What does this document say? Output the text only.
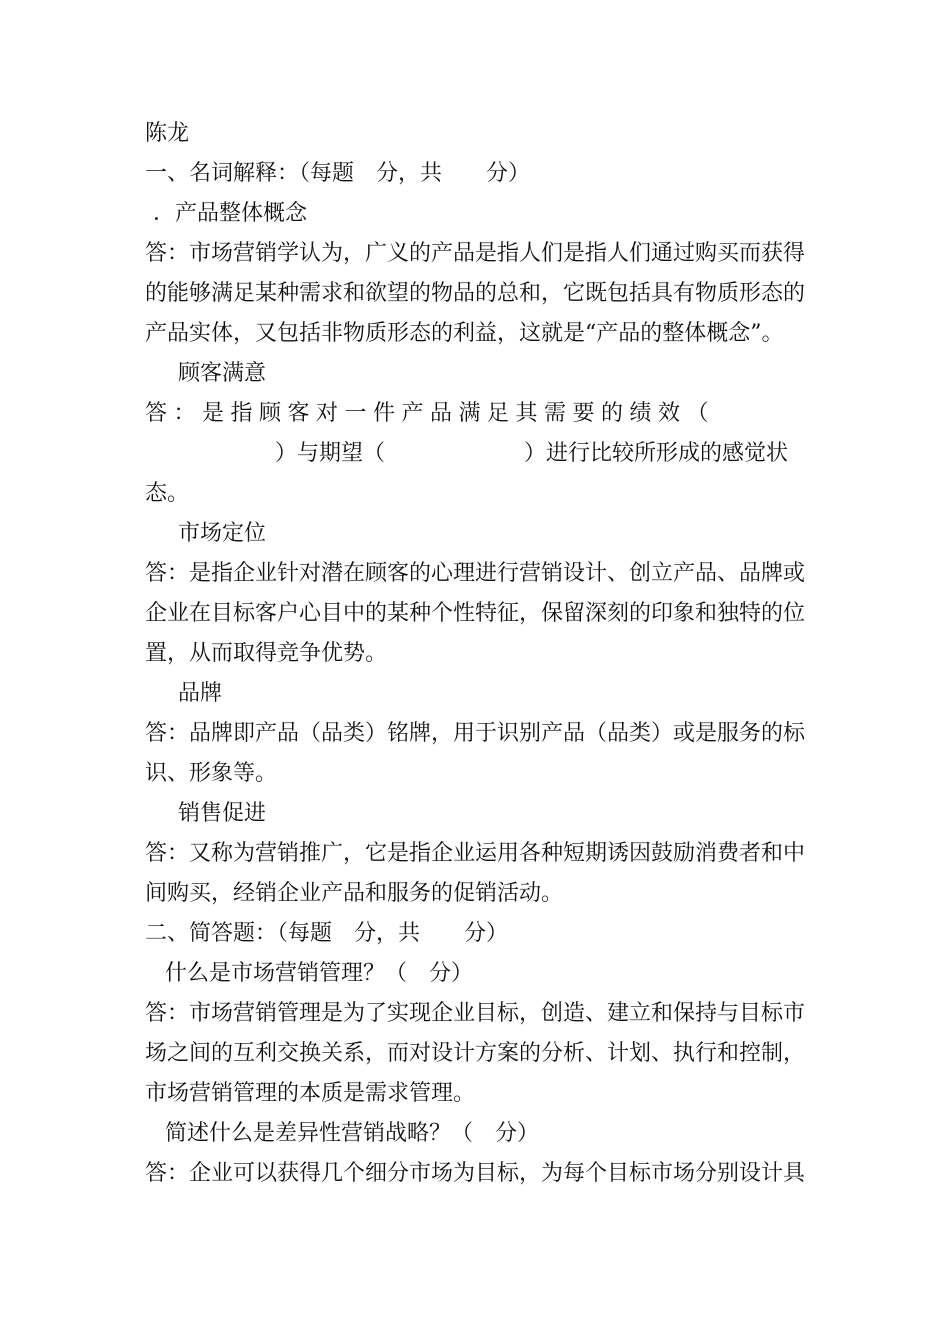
陈龙
一、名词解释：（每题　分，共　　分）
．产品整体概念
答：市场营销学认为，广义的产品是指人们是指人们通过购买而获得
的能够满足某种需求和欲望的物品的总和，它既包括具有物质形态的
产品实体，又包括非物质形态的利益，这就是“产品的整体概念”。
顾客满意
答：是指顾客对一件产品满足其需要的绩效（

）与期望（

	）进行比较所形成的感觉状

态。
市场定位
答：是指企业针对潜在顾客的心理进行营销设计、创立产品、品牌或
企业在目标客户心目中的某种个性特征，保留深刻的印象和独特的位
置，从而取得竞争优势。
品牌
答：品牌即产品（品类）铭牌，用于识别产品（品类）或是服务的标
识、形象等。
销售促进
答：又称为营销推广，它是指企业运用各种短期诱因鼓励消费者和中
间购买，经销企业产品和服务的促销活动。
二、简答题：（每题　分，共　　分）
什么是市场营销管理？（　分）
答：市场营销管理是为了实现企业目标，创造、建立和保持与目标市
场之间的互利交换关系，而对设计方案的分析、计划、执行和控制，
市场营销管理的本质是需求管理。
简述什么是差异性营销战略？（　分）
答：企业可以获得几个细分市场为目标，为每个目标市场分别设计具
